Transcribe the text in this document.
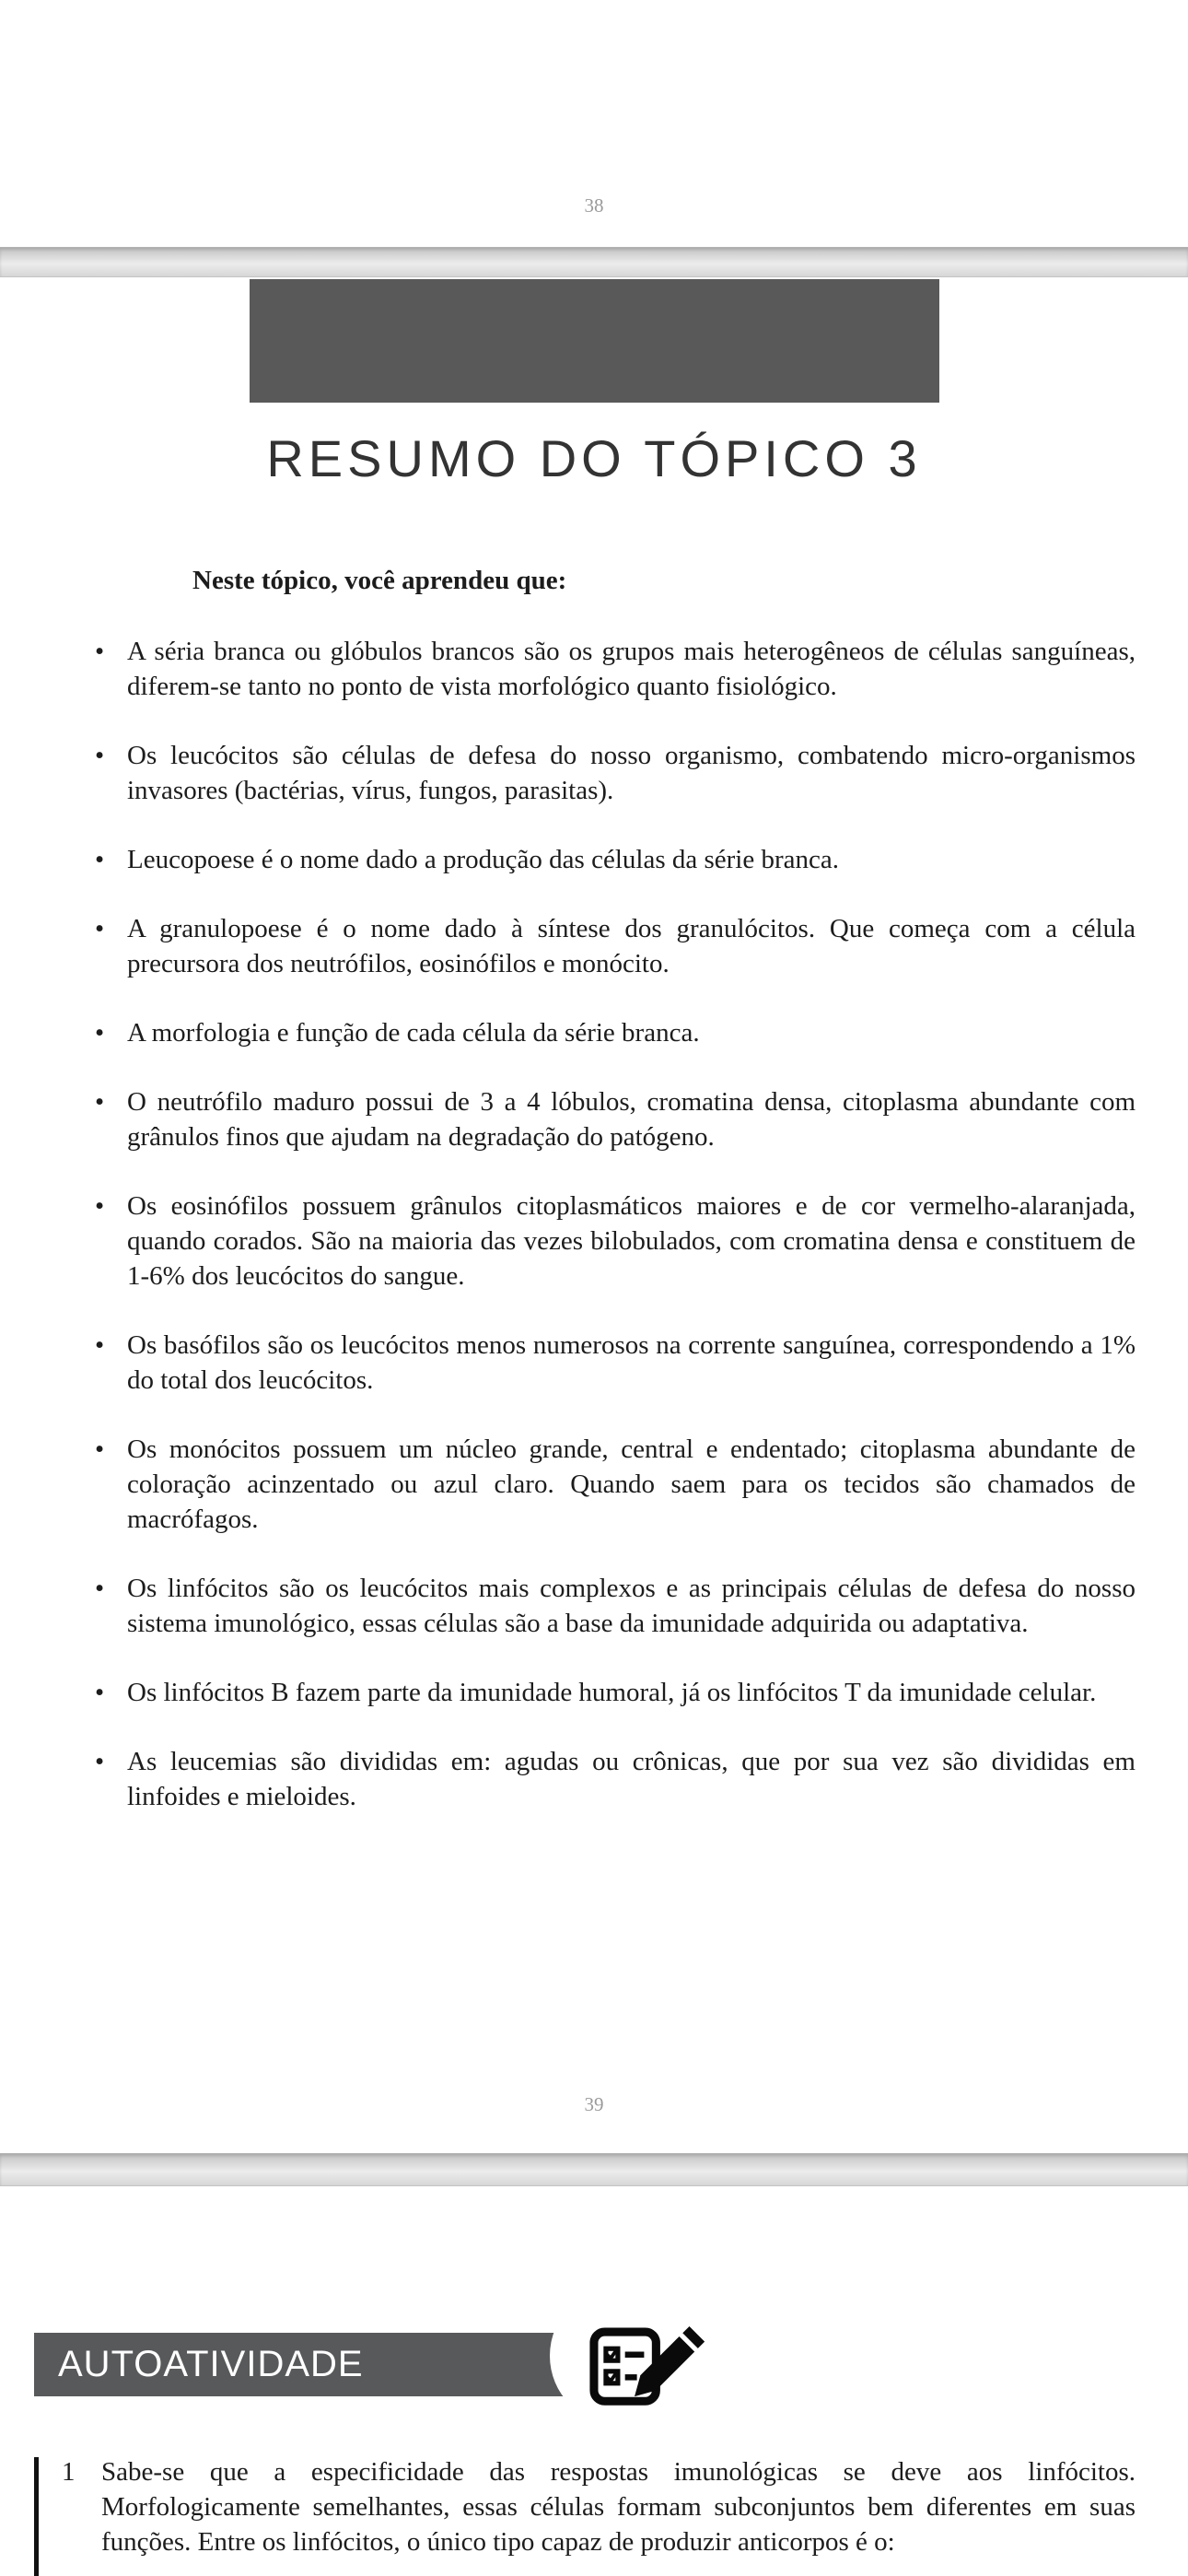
38
RESUMO DO TÓPICO 3
Neste tópico, você aprendeu que:
• A séria branca ou glóbulos brancos são os grupos mais heterogêneos de células sanguíneas, diferem-se tanto no ponto de vista morfológico quanto fisiológico.
• Os leucócitos são células de defesa do nosso organismo, combatendo micro-organismos invasores (bactérias, vírus, fungos, parasitas).
• Leucopoese é o nome dado a produção das células da série branca.
• A granulopoese é o nome dado à síntese dos granulócitos. Que começa com a célula precursora dos neutrófilos, eosinófilos e monócito.
• A morfologia e função de cada célula da série branca.
• O neutrófilo maduro possui de 3 a 4 lóbulos, cromatina densa, citoplasma abundante com grânulos finos que ajudam na degradação do patógeno.
• Os eosinófilos possuem grânulos citoplasmáticos maiores e de cor vermelho-alaranjada, quando corados. São na maioria das vezes bilobulados, com cromatina densa e constituem de 1-6% dos leucócitos do sangue.
• Os basófilos são os leucócitos menos numerosos na corrente sanguínea, correspondendo a 1% do total dos leucócitos.
• Os monócitos possuem um núcleo grande, central e endentado; citoplasma abundante de coloração acinzentado ou azul claro. Quando saem para os tecidos são chamados de macrófagos.
• Os linfócitos são os leucócitos mais complexos e as principais células de defesa do nosso sistema imunológico, essas células são a base da imunidade adquirida ou adaptativa.
• Os linfócitos B fazem parte da imunidade humoral, já os linfócitos T da imunidade celular.
• As leucemias são divididas em: agudas ou crônicas, que por sua vez são divididas em linfoides e mieloides.
39
AUTOATIVIDADE
1 Sabe-se que a especificidade das respostas imunológicas se deve aos linfócitos. Morfologicamente semelhantes, essas células formam subconjuntos bem diferentes em suas funções. Entre os linfócitos, o único tipo capaz de produzir anticorpos é o:
